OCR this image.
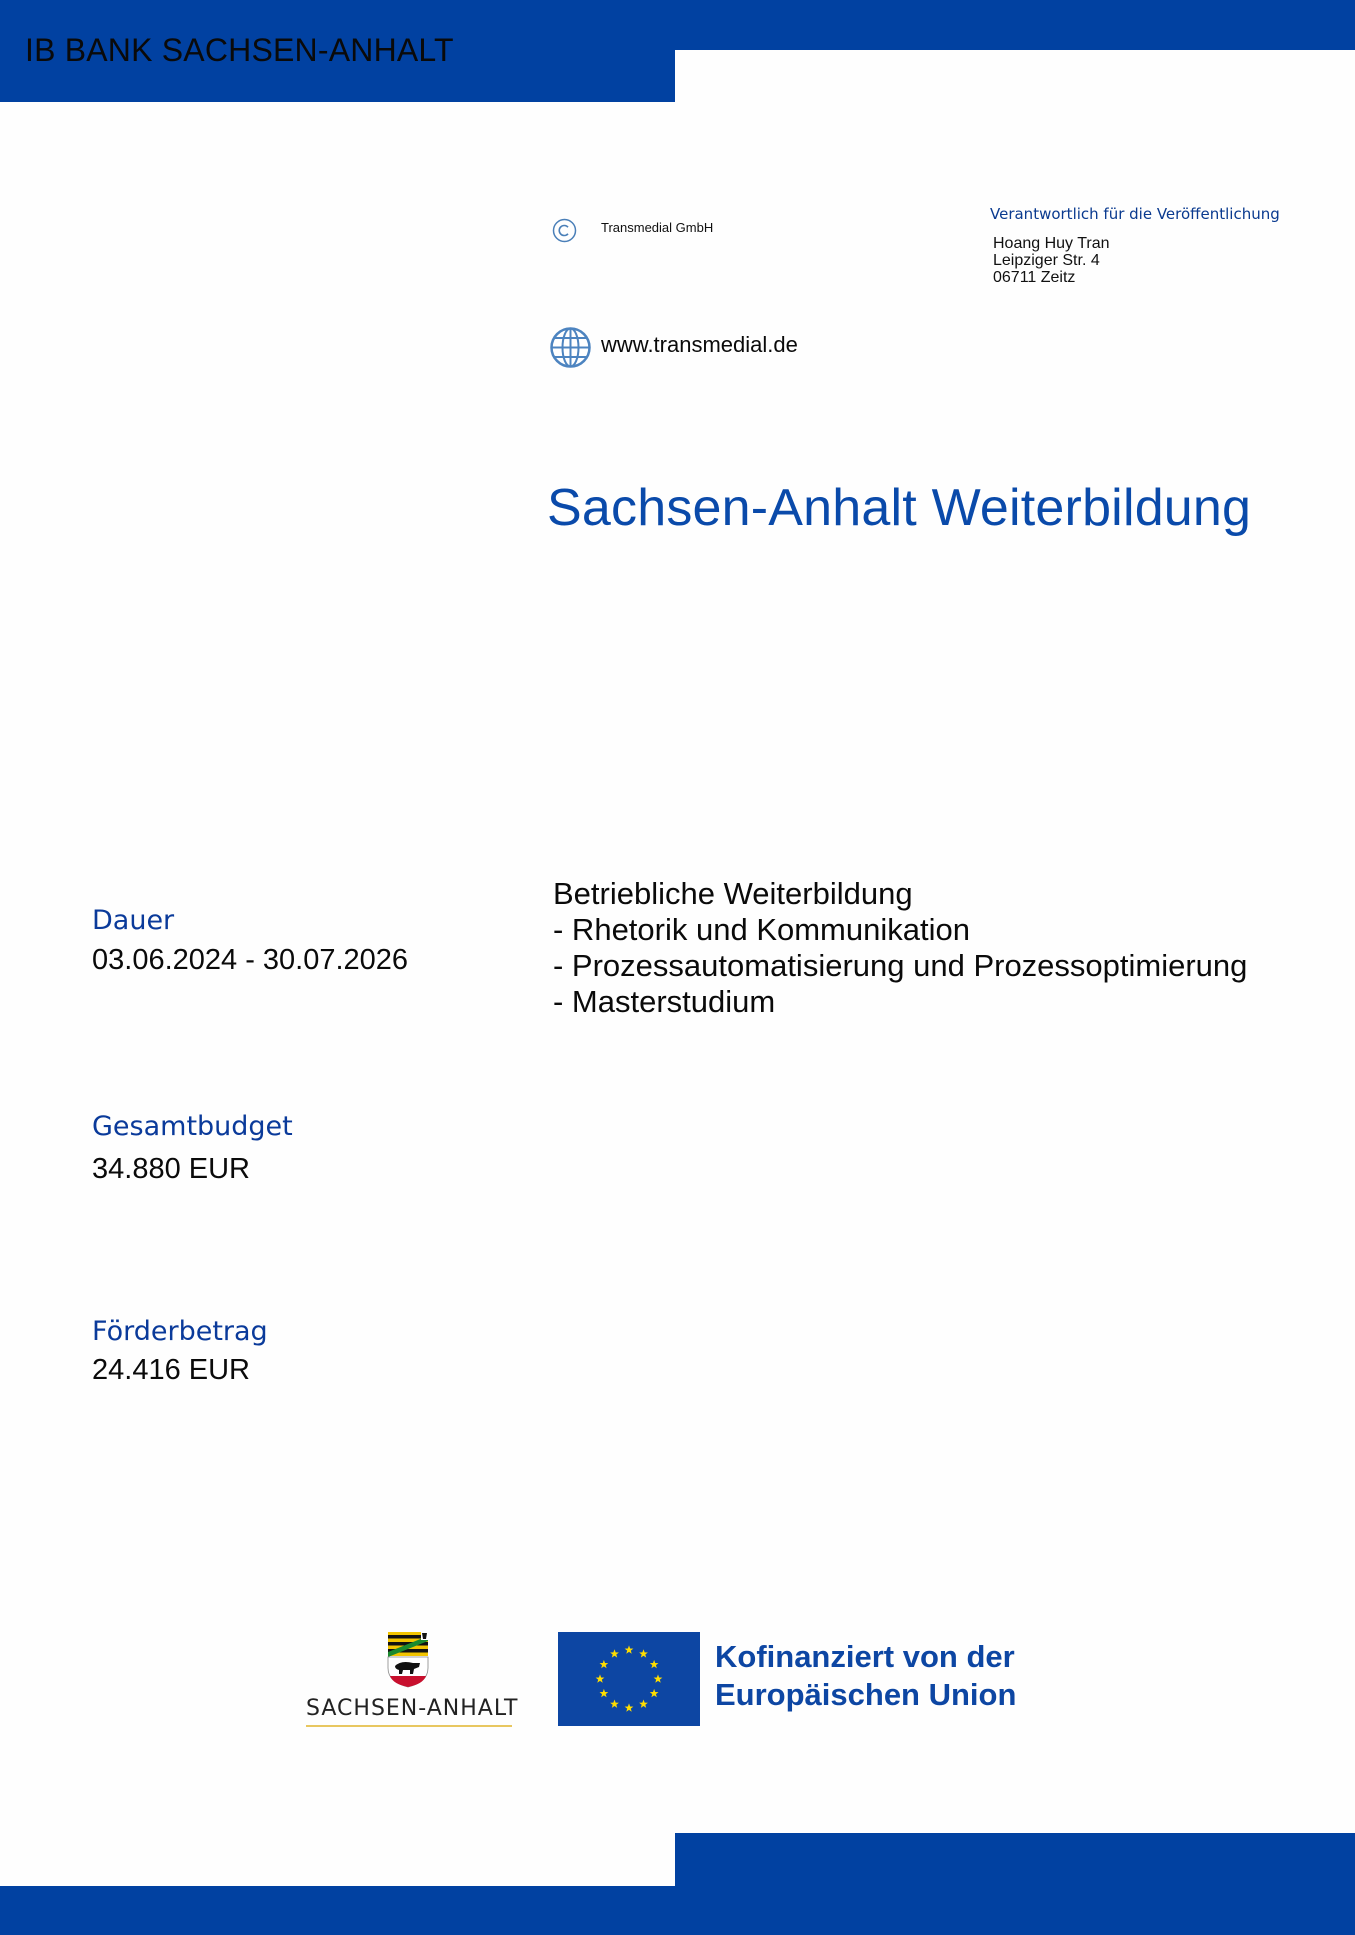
IB BANK SACHSEN-ANHALT
Transmedial GmbH
www.transmedial.de
Verantwortlich für die Veröffentlichung
Hoang Huy Tran
Leipziger Str. 4
06711 Zeitz
Sachsen-Anhalt Weiterbildung
Betriebliche Weiterbildung
- Rhetorik und Kommunikation
- Prozessautomatisierung und Prozessoptimierung
- Masterstudium
Dauer
03.06.2024 - 30.07.2026
Gesamtbudget
34.880 EUR
Förderbetrag
24.416 EUR
SACHSEN-ANHALT
Kofinanziert von der
Europäischen Union
